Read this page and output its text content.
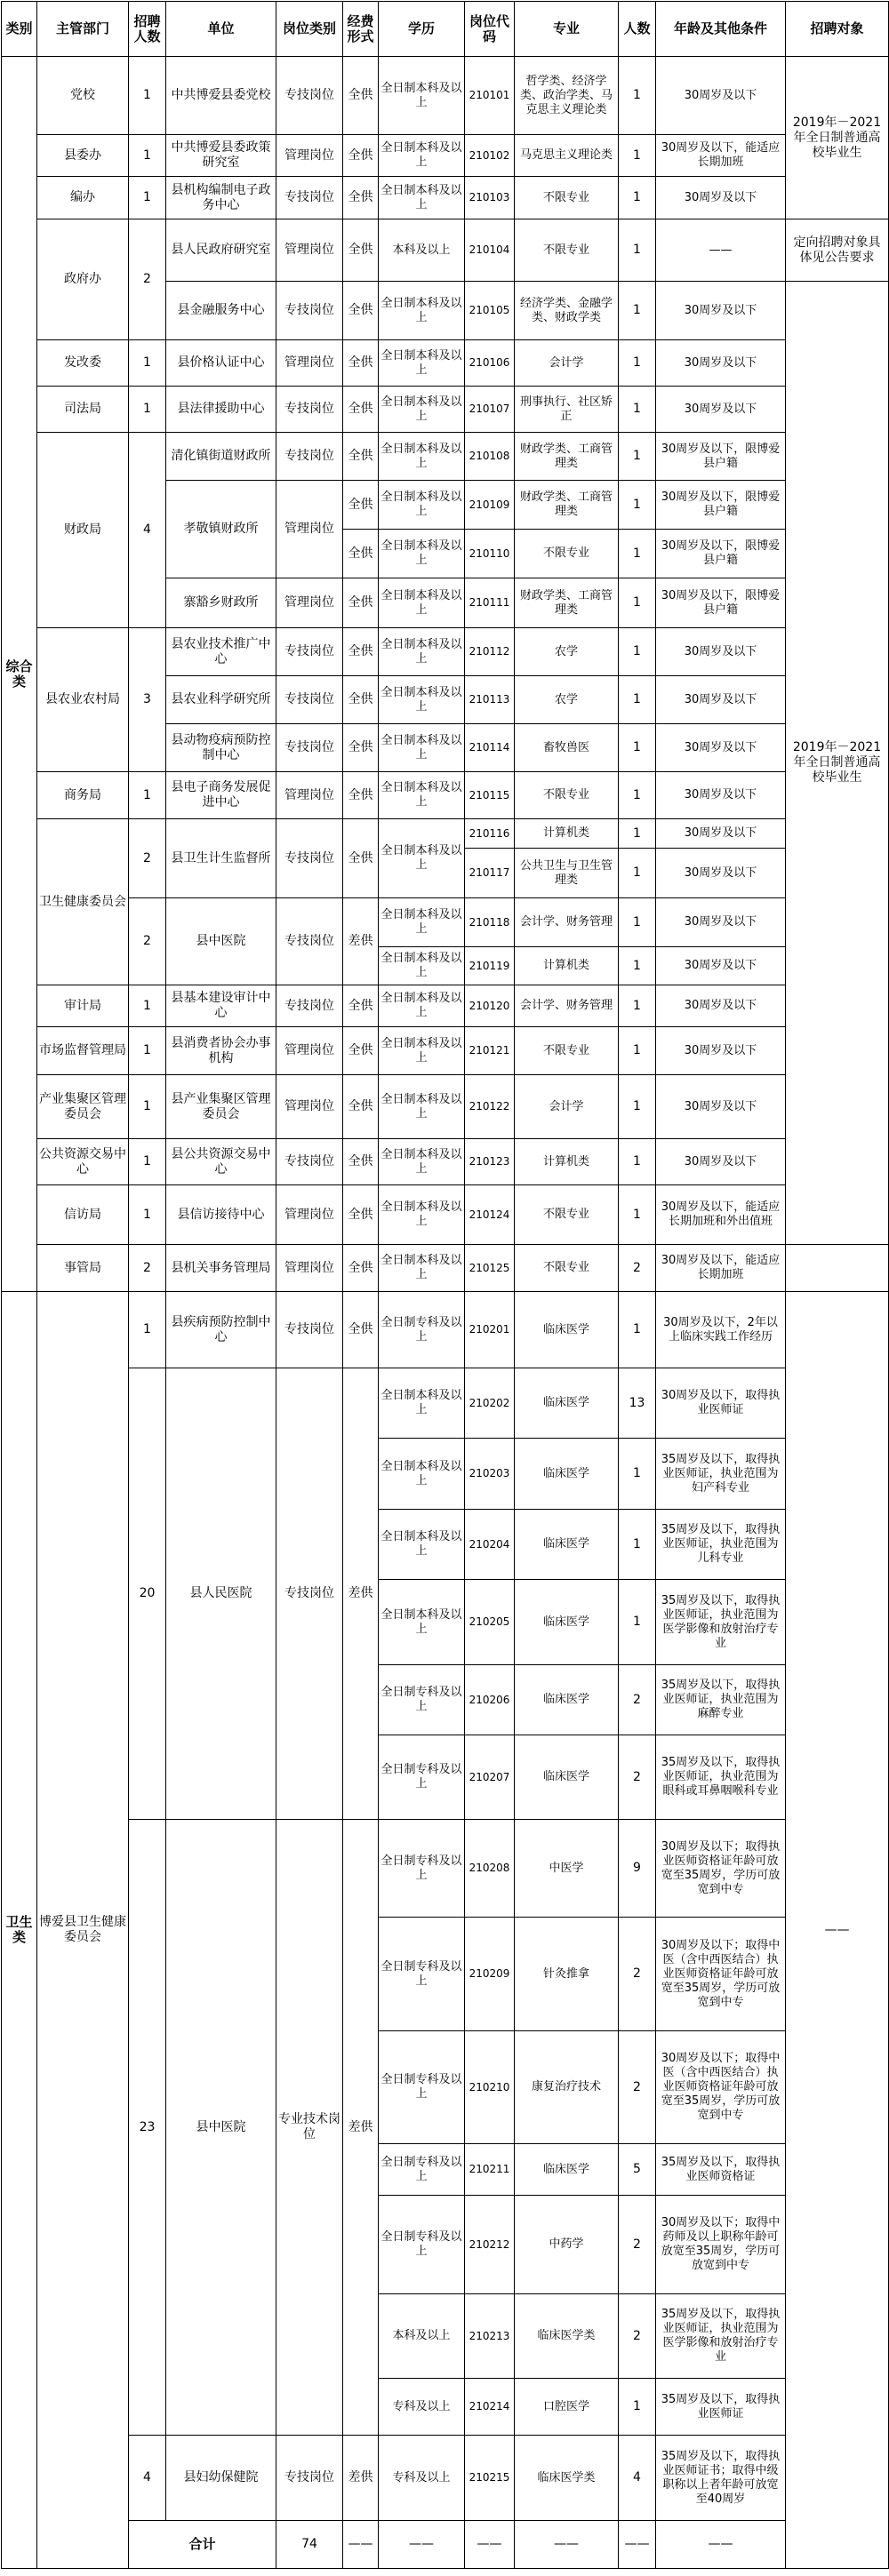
类别	主管部门	招聘人数	单位	岗位类别	经费形式	学历	岗位代码	专业	人数	年龄及其他条件	招聘对象	
综合类	党校	1	中共博爱县委党校	专技岗位	全供	全日制本科及以上	210101	哲学类、经济学类、政治学类、马克思主义理论类	1	30周岁及以下	2019年－2021年全日制普通高校毕业生	
	县委办	1	中共博爱县委政策研究室	管理岗位	全供	全日制本科及以上	210102	马克思主义理论类	1	30周岁及以下，能适应长期加班		
	编办	1	县机构编制电子政务中心	专技岗位	全供	全日制本科及以上	210103	不限专业	1	30周岁及以下		
	政府办	2	县人民政府研究室	管理岗位	全供	本科及以上	210104	不限专业	1	——	定向招聘对象具体见公告要求	
			县金融服务中心	专技岗位	全供	全日制本科及以上	210105	经济学类、金融学类、财政学类	1	30周岁及以下	2019年－2021年全日制普通高校毕业生	
	发改委	1	县价格认证中心	管理岗位	全供	全日制本科及以上	210106	会计学	1	30周岁及以下		
	司法局	1	县法律援助中心	专技岗位	全供	全日制本科及以上	210107	刑事执行、社区矫正	1	30周岁及以下		
	财政局	4	清化镇街道财政所	专技岗位	全供	全日制本科及以上	210108	财政学类、工商管理类	1	30周岁及以下，限博爱县户籍		
			孝敬镇财政所	管理岗位	全供	全日制本科及以上	210109	财政学类、工商管理类	1	30周岁及以下，限博爱县户籍		
					全供	全日制本科及以上	210110	不限专业	1	30周岁及以下，限博爱县户籍		
			寨豁乡财政所	管理岗位	全供	全日制本科及以上	210111	财政学类、工商管理类	1	30周岁及以下，限博爱县户籍		
	县农业农村局	3	县农业技术推广中心	专技岗位	全供	全日制本科及以上	210112	农学	1	30周岁及以下		
			县农业科学研究所	专技岗位	全供	全日制本科及以上	210113	农学	1	30周岁及以下		
			县动物疫病预防控制中心	专技岗位	全供	全日制本科及以上	210114	畜牧兽医	1	30周岁及以下		
	商务局	1	县电子商务发展促进中心	管理岗位	全供	全日制本科及以上	210115	不限专业	1	30周岁及以下		
	卫生健康委员会	2	县卫生计生监督所	专技岗位	全供	全日制本科及以上	210116	计算机类	1	30周岁及以下		
							210117	公共卫生与卫生管理类	1	30周岁及以下		
		2	县中医院	专技岗位	差供	全日制本科及以上	210118	会计学、财务管理	1	30周岁及以下		
						全日制本科及以上	210119	计算机类	1	30周岁及以下		
	审计局	1	县基本建设审计中心	专技岗位	全供	全日制本科及以上	210120	会计学、财务管理	1	30周岁及以下		
	市场监督管理局	1	县消费者协会办事机构	管理岗位	全供	全日制本科及以上	210121	不限专业	1	30周岁及以下		
	产业集聚区管理委员会	1	县产业集聚区管理委员会	管理岗位	全供	全日制本科及以上	210122	会计学	1	30周岁及以下		
	公共资源交易中心	1	县公共资源交易中心	专技岗位	全供	全日制本科及以上	210123	计算机类	1	30周岁及以下		
	信访局	1	县信访接待中心	管理岗位	全供	全日制本科及以上	210124	不限专业	1	30周岁及以下，能适应长期加班和外出值班	
	事管局	2	县机关事务管理局	管理岗位	全供	全日制本科及以上	210125	不限专业	2	30周岁及以下，能适应长期加班		
卫生类	博爱县卫生健康委员会	1	县疾病预防控制中心	专技岗位	全供	全日制专科及以上	210201	临床医学	1	30周岁及以下，2年以上临床实践工作经历	——	
		20	县人民医院	专技岗位	差供	全日制本科及以上	210202	临床医学	13	30周岁及以下，取得执业医师证		
						全日制本科及以上	210203	临床医学	1	35周岁及以下，取得执业医师证，执业范围为妇产科专业		
						全日制本科及以上	210204	临床医学	1	35周岁及以下，取得执业医师证，执业范围为儿科专业		
						全日制本科及以上	210205	临床医学	1	35周岁及以下，取得执业医师证，执业范围为医学影像和放射治疗专业		
						全日制专科及以上	210206	临床医学	2	35周岁及以下，取得执业医师证，执业范围为麻醉专业		
						全日制专科及以上	210207	临床医学	2	35周岁及以下，取得执业医师证，执业范围为眼科或耳鼻咽喉科专业		
		23	县中医院	专业技术岗位	差供	全日制专科及以上	210208	中医学	9	30周岁及以下；取得执业医师资格证年龄可放宽至35周岁，学历可放宽到中专		
						全日制专科及以上	210209	针灸推拿	2	30周岁及以下；取得中医（含中西医结合）执业医师资格证年龄可放宽至35周岁，学历可放宽到中专		
						全日制专科及以上	210210	康复治疗技术	2	30周岁及以下；取得中医（含中西医结合）执业医师资格证年龄可放宽至35周岁，学历可放宽到中专		
						全日制专科及以上	210211	临床医学	5	35周岁及以下，取得执业医师资格证		
						全日制专科及以上	210212	中药学	2	30周岁及以下；取得中药师及以上职称年龄可放宽至35周岁，学历可放宽到中专		
						本科及以上	210213	临床医学类	2	35周岁及以下，取得执业医师证，执业范围为医学影像和放射治疗专业		
						专科及以上	210214	口腔医学	1	35周岁及以下，取得执业医师证		
		4	县妇幼保健院	专技岗位	差供	专科及以上	210215	临床医学类	4	35周岁及以下，取得执业医师证书；取得中级职称以上者年龄可放宽至40周岁		
		合计		74	——	——	——	——	——	——			
